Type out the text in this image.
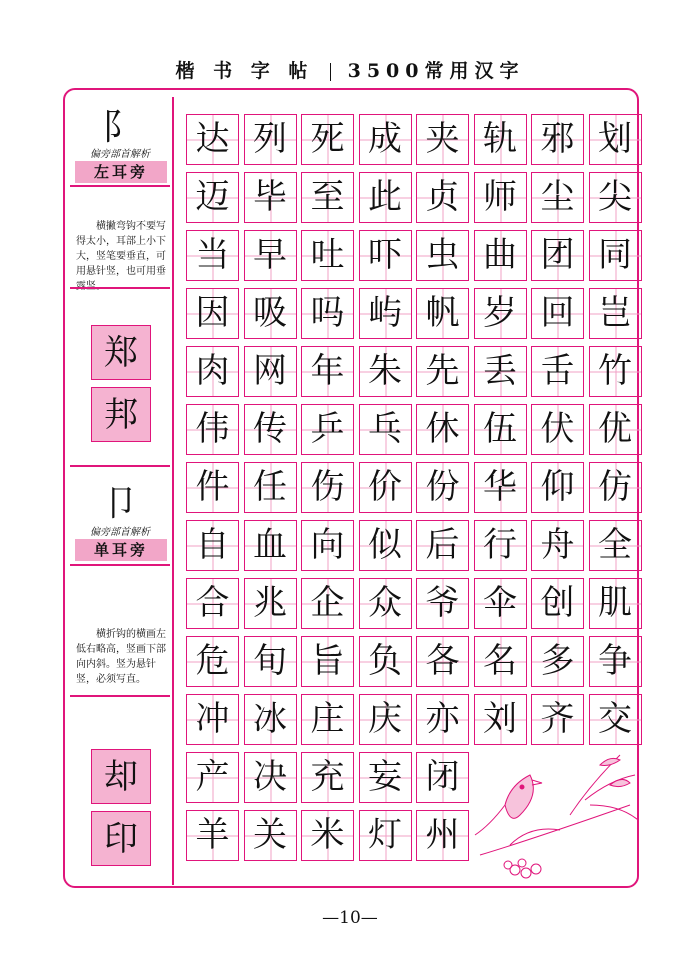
楷 书 字 帖 3500常用汉字
阝
偏旁部首解析
左耳旁
横撇弯钩不要写得太小，耳部上小下大，竖笔要垂直，可用悬针竖，也可用垂
郑
邦
卩
偏旁部首解析
单耳旁
横折钩的横画左低右略高，竖画下部向内斜。竖为悬针竖，必须写直。
却
印
达 列 死 成 夹 轨 邪 划
迈 毕 至 此 贞 师 尘 尖
当 早 吐 吓 虫 曲 团 同
因 吸 吗 屿 帆 岁 回 岂
肉 网 年 朱 先 丢 舌 竹
伟 传 乒 乓 休 伍 伏 优
件 任 伤 价 份 华 仰 仿
自 血 向 似 后 行 舟 全
合 兆 企 众 爷 伞 创 肌
危 旬 旨 负 各 名 多 争
冲 冰 庄 庆 亦 刘 齐 交
产 决 充 妄 闭
羊 关 米 灯 州
—10—
